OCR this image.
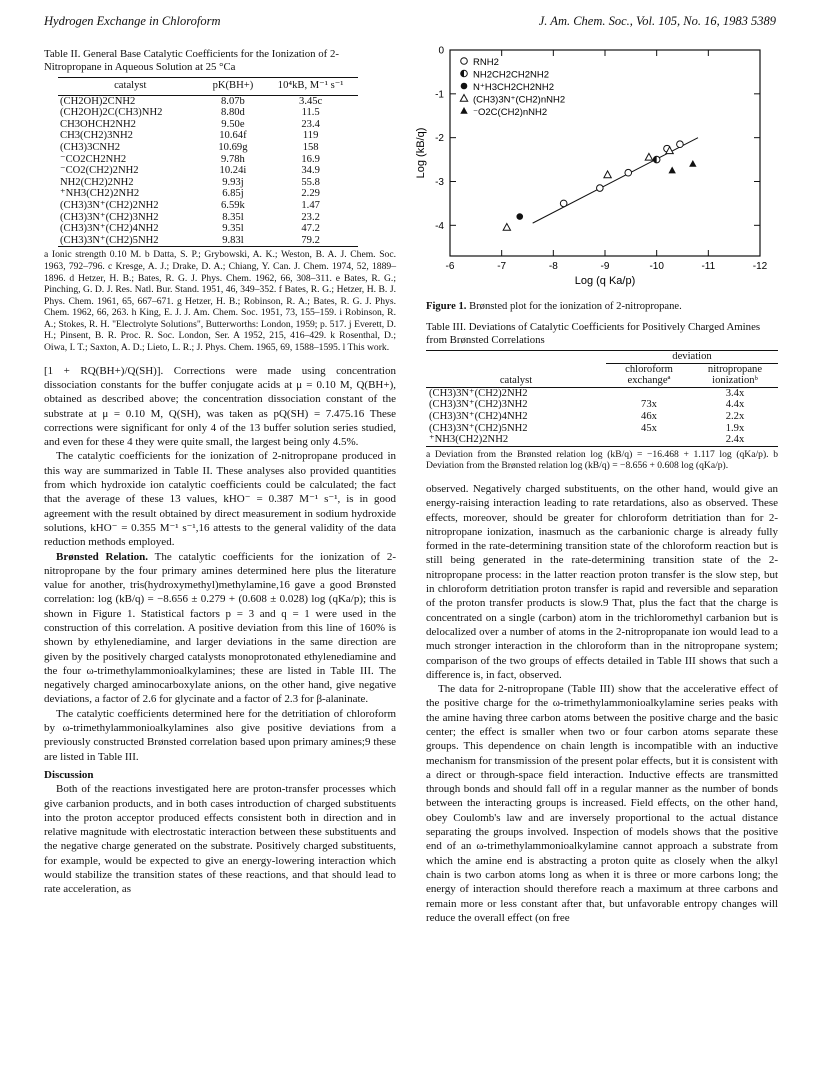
Hydrogen Exchange in Chloroform	J. Am. Chem. Soc., Vol. 105, No. 16, 1983 5389
Table II. General Base Catalytic Coefficients for the Ionization of 2-Nitropropane in Aqueous Solution at 25 °Ca
catalyst	pK(BH+)	10⁴kB, M⁻¹ s⁻¹
(CH2OH)2CNH2	8.07b	3.45c
(CH2OH)2C(CH3)NH2	8.80d	11.5
CH3OHCH2NH2	9.50e	23.4
CH3(CH2)3NH2	10.64f	119
(CH3)3CNH2	10.69g	158
⁻CO2CH2NH2	9.78h	16.9
⁻CO2(CH2)2NH2	10.24i	34.9
NH2(CH2)2NH2	9.93j	55.8
⁺NH3(CH2)2NH2	6.85j	2.29
(CH3)3N⁺(CH2)2NH2	6.59k	1.47
(CH3)3N⁺(CH2)3NH2	8.35l	23.2
(CH3)3N⁺(CH2)4NH2	9.35l	47.2
(CH3)3N⁺(CH2)5NH2	9.83l	79.2
a Ionic strength 0.10 M. b Datta, S. P.; Grybowski, A. K.; Weston, B. A. J. Chem. Soc. 1963, 792–796. c Kresge, A. J.; Drake, D. A.; Chiang, Y. Can. J. Chem. 1974, 52, 1889–1896. d Hetzer, H. B.; Bates, R. G. J. Phys. Chem. 1962, 66, 308–311. e Bates, R. G.; Pinching, G. D. J. Res. Natl. Bur. Stand. 1951, 46, 349–352. f Bates, R. G.; Hetzer, H. B. J. Phys. Chem. 1961, 65, 667–671. g Hetzer, H. B.; Robinson, R. A.; Bates, R. G. J. Phys. Chem. 1962, 66, 263. h King, E. J. J. Am. Chem. Soc. 1951, 73, 155–159. i Robinson, R. A.; Stokes, R. H. "Electrolyte Solutions", Butterworths: London, 1959; p. 517. j Everett, D. H.; Pinsent, B. R. Proc. R. Soc. London, Ser. A 1952, 215, 416–429. k Rosenthal, D.; Oiwa, I. T.; Saxton, A. D.; Lieto, L. R.; J. Phys. Chem. 1965, 69, 1588–1595. l This work.

[1 + RQ(BH+)/Q(SH)]. Corrections were made using concentration dissociation constants for the buffer conjugate acids at μ = 0.10 M, Q(BH+), obtained as described above; the concentration dissociation constant of the substrate at μ = 0.10 M, Q(SH), was taken as pQ(SH) = 7.475.16 These corrections were significant for only 4 of the 13 buffer solution series studied, and even for these 4 they were quite small, the largest being only 4.5%.

The catalytic coefficients for the ionization of 2-nitropropane produced in this way are summarized in Table II. These analyses also provided quantities from which hydroxide ion catalytic coefficients could be calculated; the fact that the average of these 13 values, kHO⁻ = 0.387 M⁻¹ s⁻¹, is in good agreement with the result obtained by direct measurement in sodium hydroxide solutions, kHO⁻ = 0.355 M⁻¹ s⁻¹,16 attests to the general validity of the data reduction methods employed.

Brønsted Relation. The catalytic coefficients for the ionization of 2-nitropropane by the four primary amines determined here plus the literature value for another, tris(hydroxymethyl)methylamine,16 gave a good Brønsted correlation: log (kB/q) = −8.656 ± 0.279 + (0.608 ± 0.028) log (qKa/p); this is shown in Figure 1. Statistical factors p = 3 and q = 1 were used in the construction of this correlation. A positive deviation from this line of 160% is shown by ethylenediamine, and larger deviations in the same direction are given by the positively charged catalysts monoprotonated ethylenediamine and the four ω-trimethylammonioalkylamines; these are listed in Table III. The negatively charged aminocarboxylate anions, on the other hand, give negative deviations, a factor of 2.6 for glycinate and a factor of 2.3 for β-alaninate.

The catalytic coefficients determined here for the detritiation of chloroform by ω-trimethylammonioalkylamines also give positive deviations from a previously constructed Brønsted correlation based upon primary amines;9 these are listed in Table III.

Discussion

Both of the reactions investigated here are proton-transfer processes which give carbanion products, and in both cases introduction of charged substituents into the proton acceptor produced effects consistent both in direction and in relative magnitude with electrostatic interaction between these substituents and the negative charge generated on the substrate. Positively charged substituents, for example, would be expected to give an energy-lowering interaction which would stabilize the transition states of these reactions, and that should lead to rate acceleration, as

-6	-7	-8	-9	-10	-11	-12
0
-1
-2
-3
-4
Log (q Ka/p)
Log (kB/q)
RNH2
NH2CH2CH2NH2
N⁺H3CH2CH2NH2
(CH3)3N⁺(CH2)nNH2
⁻O2C(CH2)nNH2
Figure 1. Brønsted plot for the ionization of 2-nitropropane.
Table III. Deviations of Catalytic Coefficients for Positively Charged Amines from Brønsted Correlations
	deviation	
catalyst	chloroform exchangeª	nitropropane ionizationᵇ
(CH3)3N⁺(CH2)2NH2		3.4x
(CH3)3N⁺(CH2)3NH2	73x	4.4x
(CH3)3N⁺(CH2)4NH2	46x	2.2x
(CH3)3N⁺(CH2)5NH2	45x	1.9x
⁺NH3(CH2)2NH2		2.4x
a Deviation from the Brønsted relation log (kB/q) = −16.468 + 1.117 log (qKa/p). b Deviation from the Brønsted relation log (kB/q) = −8.656 + 0.608 log (qKa/p).

observed. Negatively charged substituents, on the other hand, would give an energy-raising interaction leading to rate retardations, also as observed. These effects, moreover, should be greater for chloroform detritiation than for 2-nitropropane ionization, inasmuch as the carbanionic charge is already fully formed in the rate-determining transition state of the chloroform reaction but is still being generated in the rate-determining transition state of the 2-nitropropane process: in the latter reaction proton transfer is the slow step, but in chloroform detritiation proton transfer is rapid and reversible and separation of the proton transfer products is slow.9 That, plus the fact that the charge is concentrated on a single (carbon) atom in the trichloromethyl carbanion but is delocalized over a number of atoms in the 2-nitropropanate ion would lead to a much stronger interaction in the chloroform than in the nitropropane system; comparison of the two groups of effects detailed in Table III shows that such a difference is, in fact, observed.

The data for 2-nitropropane (Table III) show that the accelerative effect of the positive charge for the ω-trimethylammonioalkylamine series peaks with the amine having three carbon atoms between the positive charge and the basic center; the effect is smaller when two or four carbon atoms separate these groups. This dependence on chain length is incompatible with an inductive mechanism for transmission of the present polar effects, but it is consistent with a direct or through-space field interaction. Inductive effects are transmitted through bonds and should fall off in a regular manner as the number of bonds between the interacting groups is increased. Field effects, on the other hand, obey Coulomb's law and are inversely proportional to the actual distance separating the groups involved. Inspection of models shows that the positive end of an ω-trimethylammonioalkylamine cannot approach a substrate from which the amine end is abstracting a proton quite as closely when the alkyl chain is two carbon atoms long as when it is three or more carbons long; the energy of interaction should therefore reach a maximum at three carbons and remain more or less constant after that, but unfavorable entropy changes will reduce the overall effect (on free
